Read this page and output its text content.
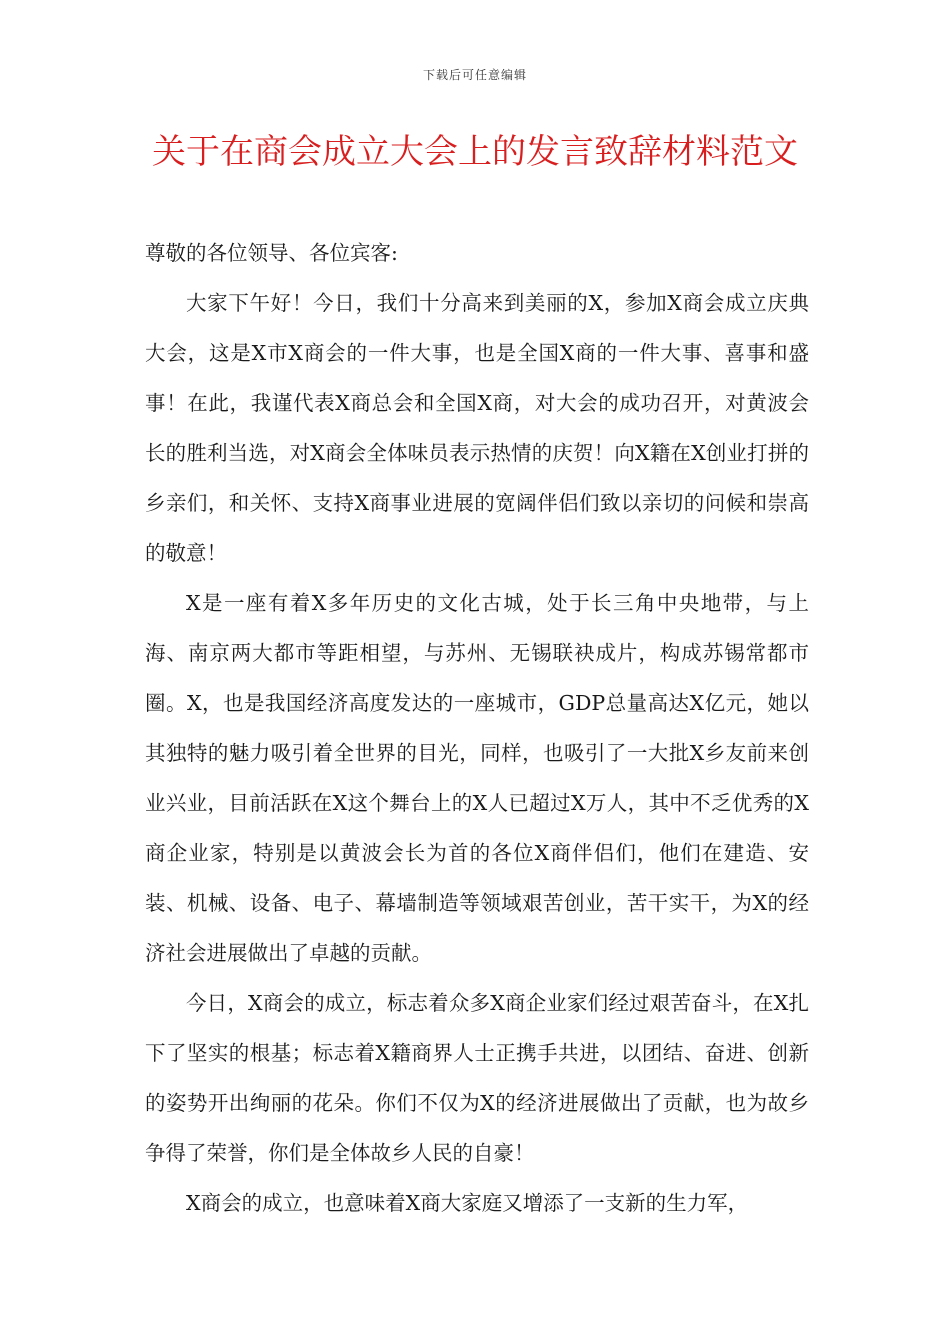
下载后可任意编辑
关于在商会成立大会上的发言致辞材料范文

尊敬的各位领导、各位宾客:

大家下午好！今日，我们十分高来到美丽的X，参加X商会成立庆典大会，这是X市X商会的一件大事，也是全国X商的一件大事、喜事和盛事！在此，我谨代表X商总会和全国X商，对大会的成功召开，对黄波会长的胜利当选，对X商会全体味员表示热情的庆贺！向X籍在X创业打拼的乡亲们，和关怀、支持X商事业进展的宽阔伴侣们致以亲切的问候和崇高的敬意！

X是一座有着X多年历史的文化古城，处于长三角中央地带，与上海、南京两大都市等距相望，与苏州、无锡联袂成片，构成苏锡常都市圈。X，也是我国经济高度发达的一座城市，GDP总量高达X亿元，她以其独特的魅力吸引着全世界的目光，同样，也吸引了一大批X乡友前来创业兴业，目前活跃在X这个舞台上的X人已超过X万人，其中不乏优秀的X商企业家，特别是以黄波会长为首的各位X商伴侣们，他们在建造、安装、机械、设备、电子、幕墙制造等领域艰苦创业，苦干实干，为X的经济社会进展做出了卓越的贡献。

今日，X商会的成立，标志着众多X商企业家们经过艰苦奋斗，在X扎下了坚实的根基；标志着X籍商界人士正携手共进，以团结、奋进、创新的姿势开出绚丽的花朵。你们不仅为X的经济进展做出了贡献，也为故乡争得了荣誉，你们是全体故乡人民的自豪！

X商会的成立，也意味着X商大家庭又增添了一支新的生力军，
